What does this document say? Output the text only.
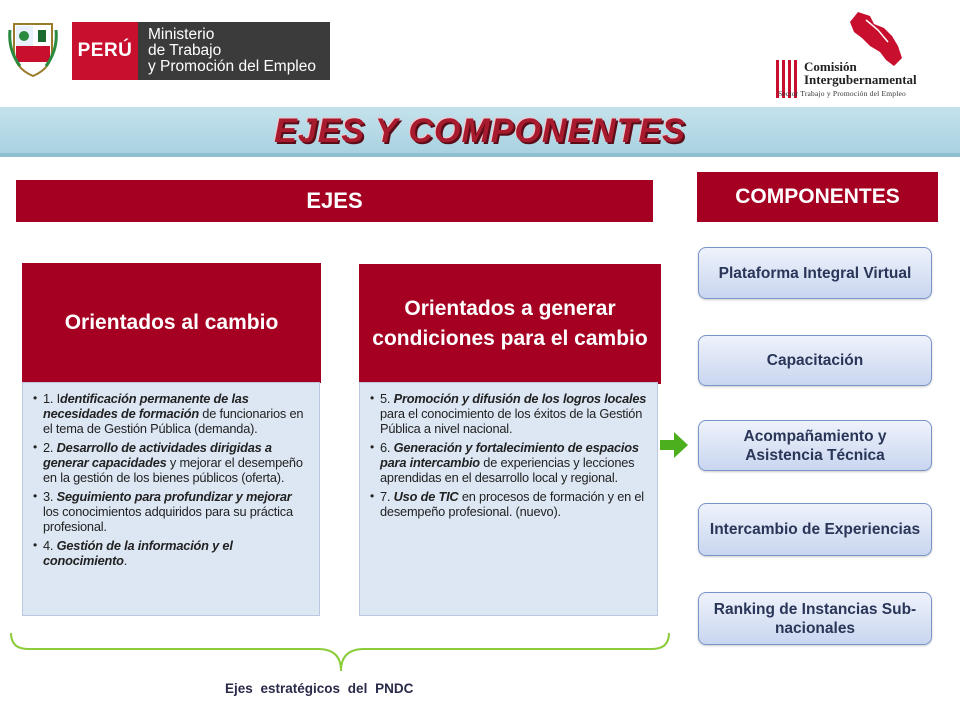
PERÚ
Ministerio
de Trabajo
y Promoción del Empleo	Comisión
Intergubernamental
Sector Trabajo y Promoción del Empleo
EJES Y COMPONENTES
EJES	COMPONENTES
Orientados al cambio
• 1. Identificación permanente de las necesidades de formación de funcionarios en el tema de Gestión Pública (demanda).
• 2. Desarrollo de actividades dirigidas a generar capacidades y mejorar el desempeño en la gestión de los bienes públicos (oferta).
• 3. Seguimiento para profundizar y mejorar los conocimientos adquiridos para su práctica profesional.
• 4. Gestión de la información y el conocimiento.
Orientados a generar condiciones para el cambio
• 5. Promoción y difusión de los logros locales para el conocimiento de los éxitos de la Gestión Pública a nivel nacional.
• 6. Generación y fortalecimiento de espacios para intercambio de experiencias y lecciones aprendidas en el desarrollo local y regional.
• 7. Uso de TIC en procesos de formación y en el desempeño profesional. (nuevo).
Plataforma Integral Virtual
Capacitación
Acompañamiento y Asistencia Técnica
Intercambio de Experiencias
Ranking de Instancias Sub-nacionales
Ejes estratégicos del PNDC
